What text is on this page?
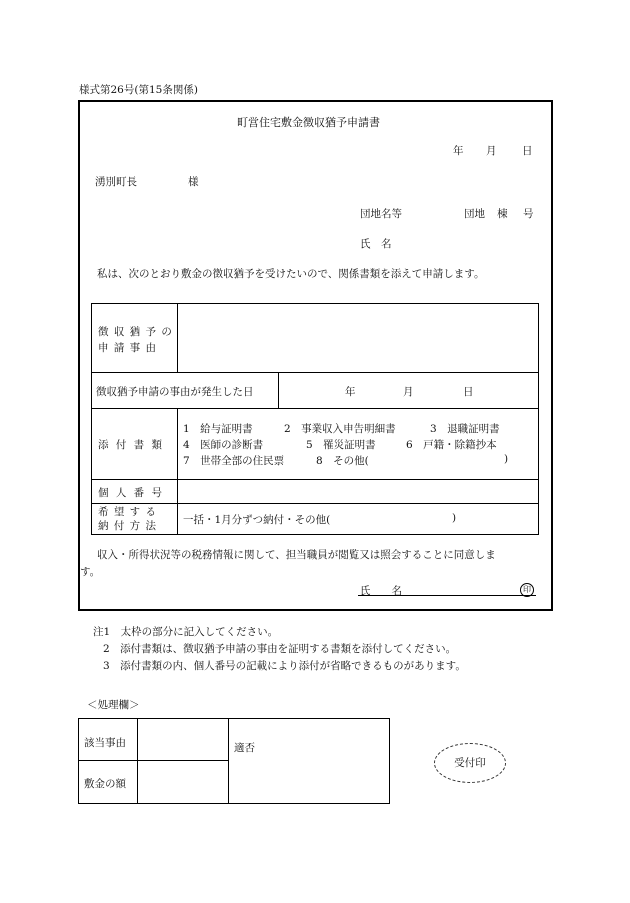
様式第26号(第15条関係)
町営住宅敷金徴収猶予申請書
年 月 日
湧別町長	様
団地名等	団地 棟 号
氏　名
私は、次のとおり敷金の徴収猶予を受けたいので、関係書類を添えて申請します。
徴 収 猶 予 の
申 請 事 由
徴収猶予申請の事由が発生した日	年	月	日
添 付 書 類
1　給与証明書	2　事業収入申告明細書	3　退職証明書
4　医師の診断書	5　罹災証明書	6　戸籍・除籍抄本
7　世帯全部の住民票	8　その他(	)
個 人 番 号
希 望 す る
納 付 方 法 一括・1月分ずつ納付・その他(	)
収入・所得状況等の税務情報に関して、担当職員が閲覧又は照会することに同意しま
す。
氏　　名	印
注1　太枠の部分に記入してください。
2　添付書類は、徴収猶予申請の事由を証明する書類を添付してください。
3　添付書類の内、個人番号の記載により添付が省略できるものがあります。
＜処理欄＞
該当事由
敷金の額
適否
受付印
